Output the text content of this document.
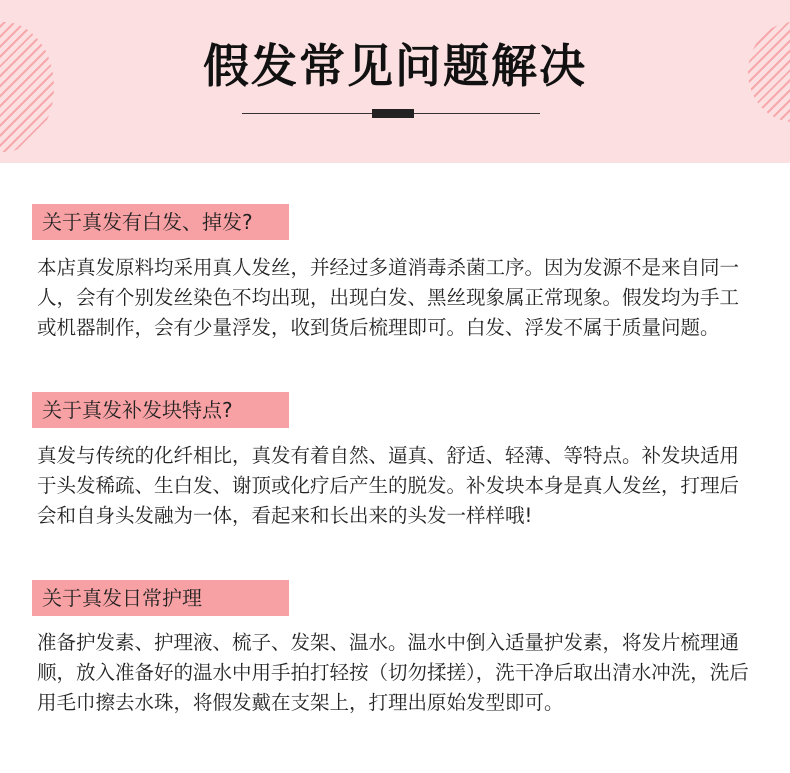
假发常见问题解决
关于真发有白发、掉发?

本店真发原料均采用真人发丝，并经过多道消毒杀菌工序。因为发源不是来自同一人，会有个别发丝染色不均出现，出现白发、黑丝现象属正常现象。假发均为手工或机器制作，会有少量浮发，收到货后梳理即可。白发、浮发不属于质量问题。

关于真发补发块特点?

真发与传统的化纤相比，真发有着自然、逼真、舒适、轻薄、等特点。补发块适用于头发稀疏、生白发、谢顶或化疗后产生的脱发。补发块本身是真人发丝，打理后会和自身头发融为一体，看起来和长出来的头发一样样哦!

关于真发日常护理

准备护发素、护理液、梳子、发架、温水。温水中倒入适量护发素，将发片梳理通顺，放入准备好的温水中用手拍打轻按（切勿揉搓），洗干净后取出清水冲洗，洗后用毛巾擦去水珠，将假发戴在支架上，打理出原始发型即可。
